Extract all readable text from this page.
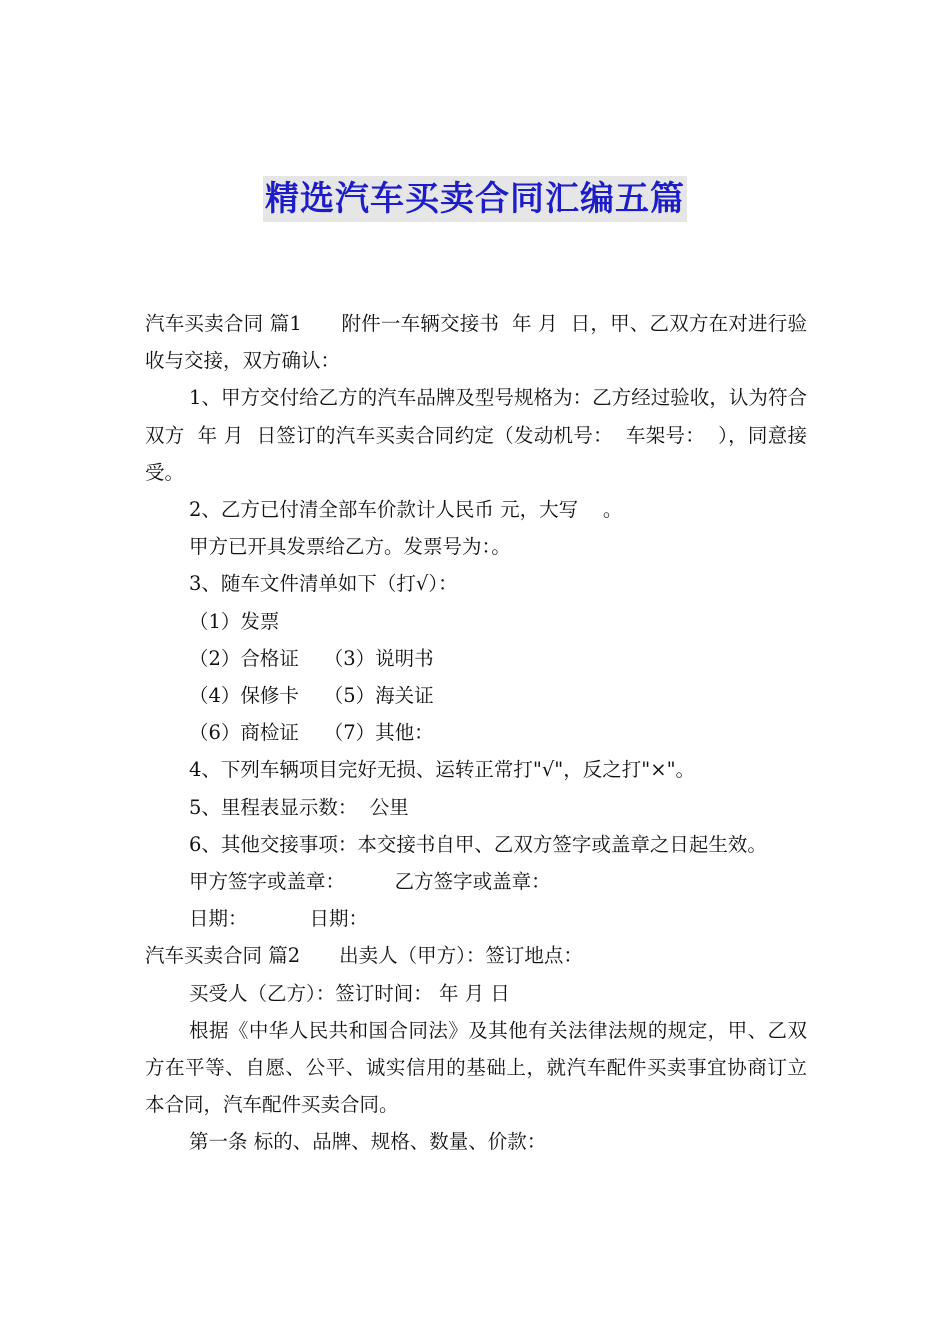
精选汽车买卖合同汇编五篇

汽车买卖合同 篇1　　附件一车辆交接书  年 月  日，甲、乙双方在对进行验收与交接，双方确认：

1、甲方交付给乙方的汽车品牌及型号规格为：乙方经过验收，认为符合双方  年 月  日签订的汽车买卖合同约定（发动机号：  车架号：  ），同意接受。

2、乙方已付清全部车价款计人民币 元，大写    。

甲方已开具发票给乙方。发票号为：。

3、随车文件清单如下（打√）：

（1）发票

（2）合格证    （3）说明书

（4）保修卡    （5）海关证

（6）商检证    （7）其他：

4、下列车辆项目完好无损、运转正常打"√"，反之打"×"。

5、里程表显示数：  公里

6、其他交接事项：本交接书自甲、乙双方签字或盖章之日起生效。

甲方签字或盖章：        乙方签字或盖章：

日期：          日期：

汽车买卖合同 篇2　　出卖人（甲方）：签订地点：

买受人（乙方）：签订时间： 年 月 日

根据《中华人民共和国合同法》及其他有关法律法规的规定，甲、乙双方在平等、自愿、公平、诚实信用的基础上，就汽车配件买卖事宜协商订立本合同，汽车配件买卖合同。

第一条 标的、品牌、规格、数量、价款：
